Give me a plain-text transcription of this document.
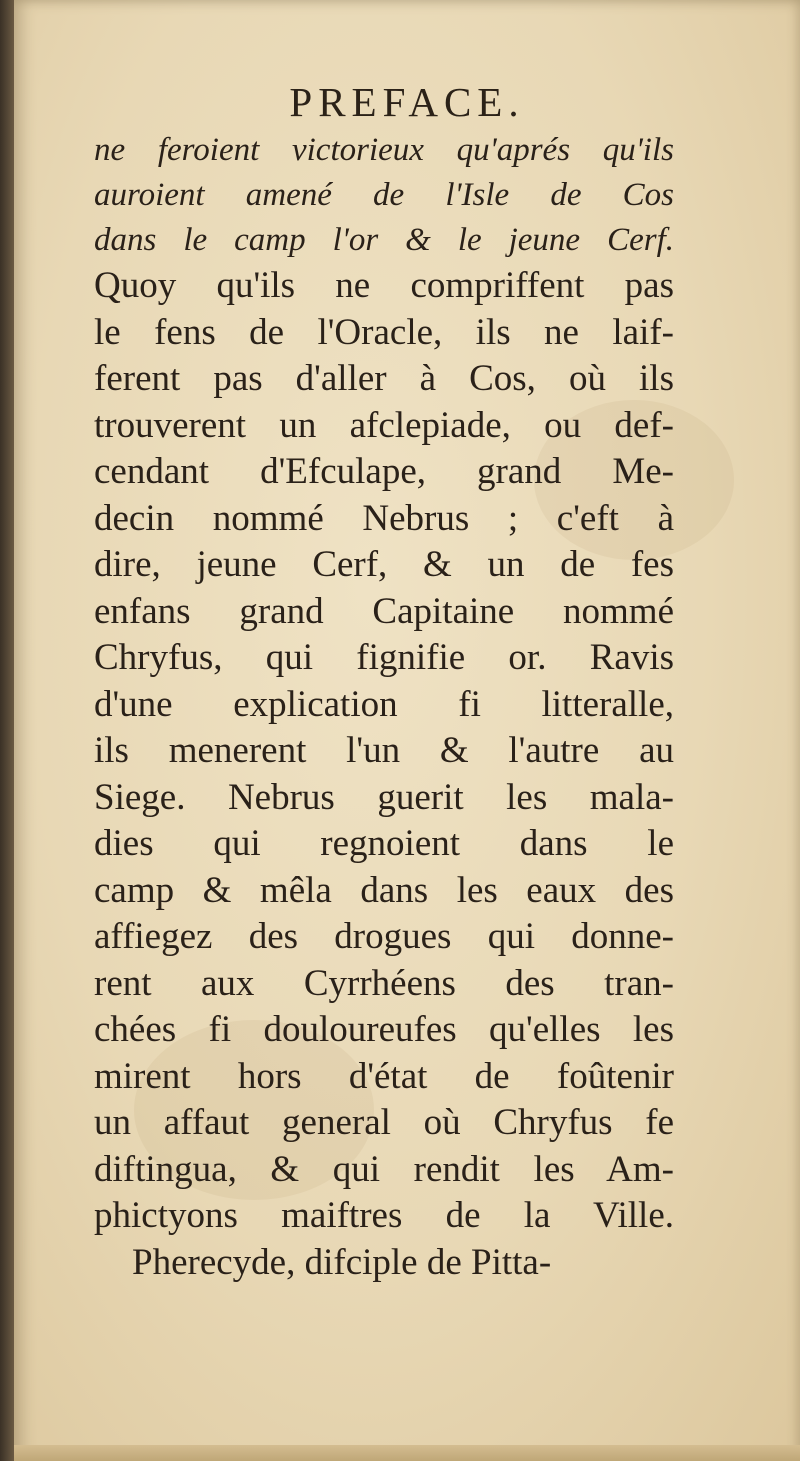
PREFACE.
ne feroient victorieux qu'aprés qu'ils
auroient amené de l'Isle de Cos
dans le camp l'or & le jeune Cerf.
Quoy qu'ils ne compriffent pas
le fens de l'Oracle, ils ne laif-
ferent pas d'aller à Cos, où ils
trouverent un afclepiade, ou def-
cendant d'Efculape, grand Me-
decin nommé Nebrus ; c'eft à
dire, jeune Cerf, & un de fes
enfans grand Capitaine nommé
Chryfus, qui fignifie or. Ravis
d'une explication fi litteralle,
ils menerent l'un & l'autre au
Siege. Nebrus guerit les mala-
dies qui regnoient dans le
camp & mêla dans les eaux des
affiegez des drogues qui donne-
rent aux Cyrrhéens des tran-
chées fi douloureufes qu'elles les
mirent hors d'état de foûtenir
un affaut general où Chryfus fe
diftingua, & qui rendit les Am-
phictyons maiftres de la Ville.
Pherecyde, difciple de Pitta-
